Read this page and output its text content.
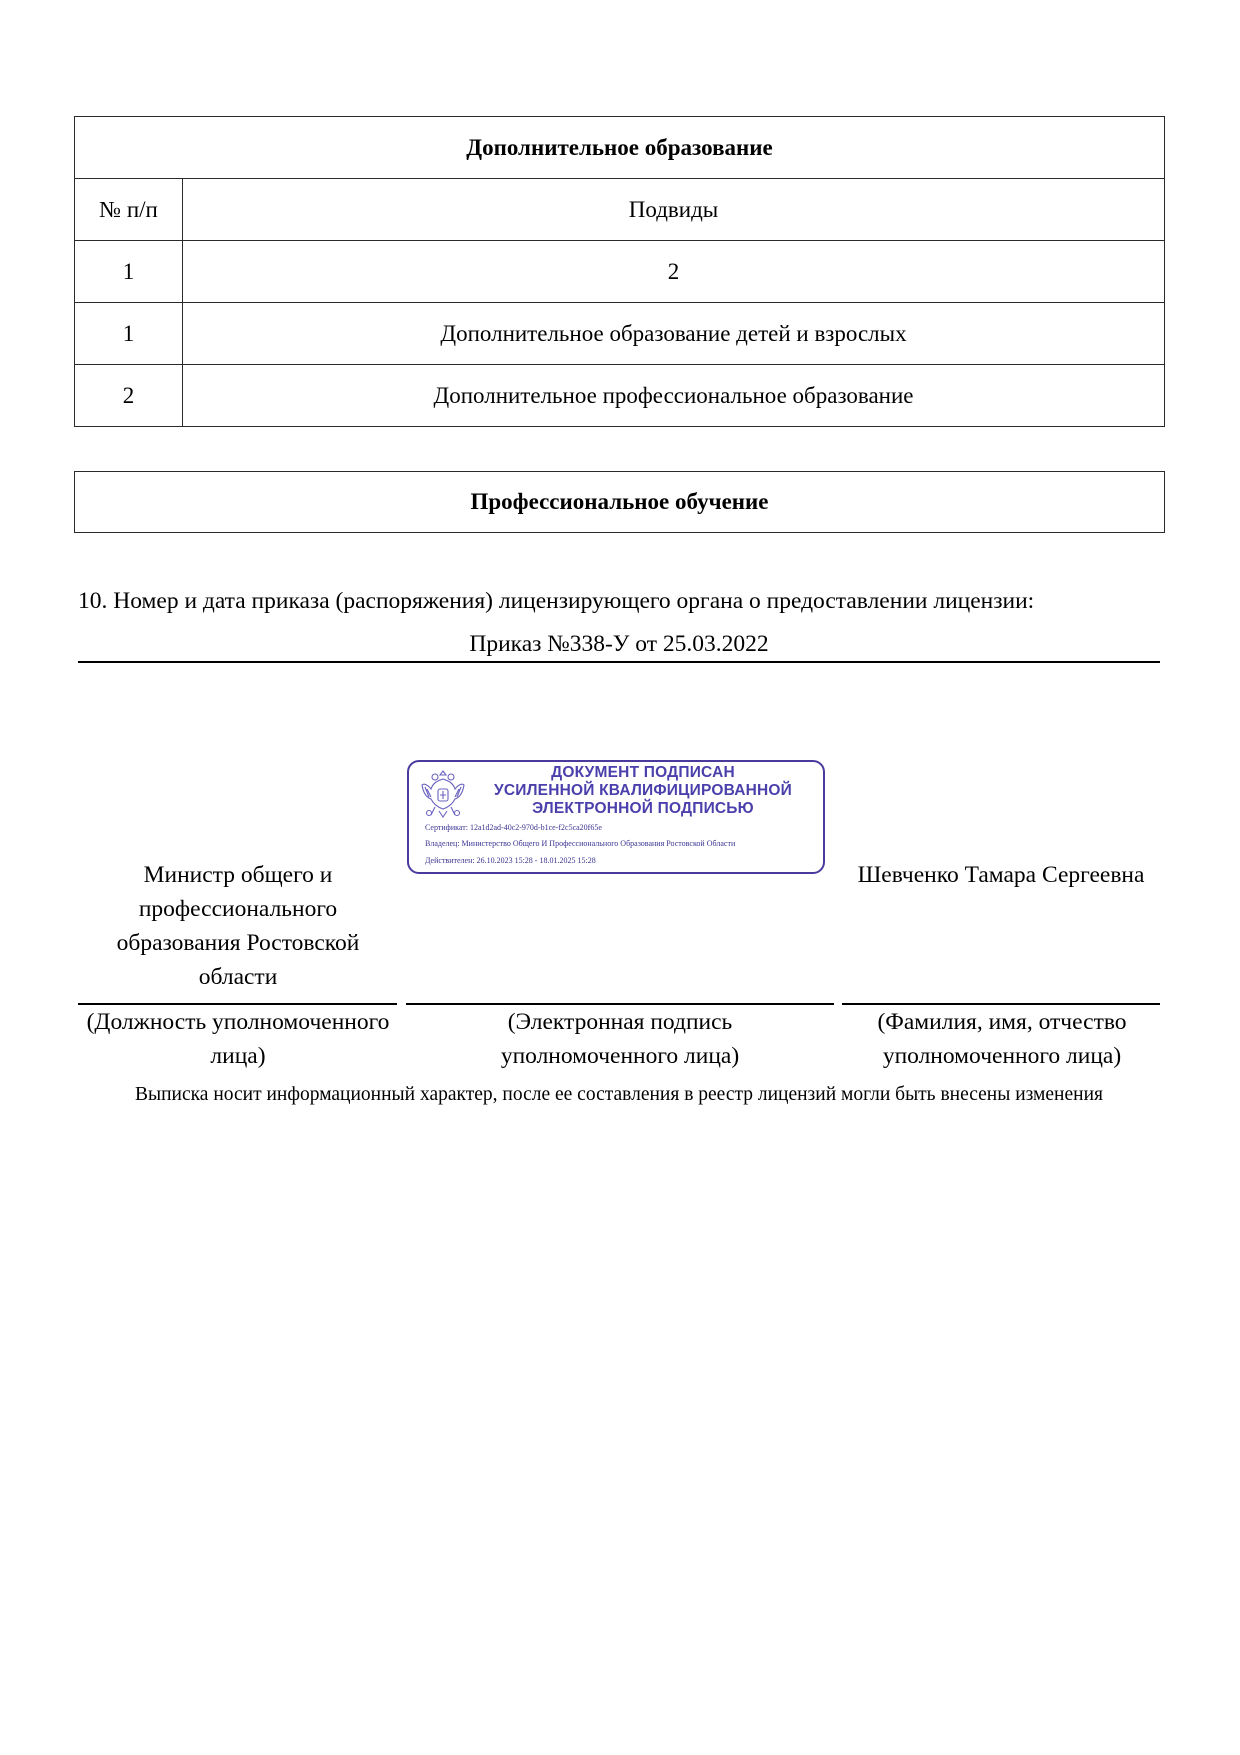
Дополнительное образование	
№ п/п	Подвиды
1	2
1	Дополнительное образование детей и взрослых
2	Дополнительное профессиональное образование
Профессиональное обучение
10. Номер и дата приказа (распоряжения) лицензирующего органа о предоставлении лицензии:
Приказ №338-У от 25.03.2022
ДОКУМЕНТ ПОДПИСАН
УСИЛЕННОЙ КВАЛИФИЦИРОВАННОЙ
ЭЛЕКТРОННОЙ ПОДПИСЬЮ
Сертификат: 12a1d2ad-40c2-970d-b1ce-f2c5ca20f65e
Владелец: Министерство Общего И Профессионального Образования Ростовской Области
Действителен: 26.10.2023 15:28 - 18.01.2025 15:28
Министр общего и профессионального образования Ростовской области
Шевченко Тамара Сергеевна
(Должность уполномоченного лица)
(Электронная подпись уполномоченного лица)
(Фамилия, имя, отчество уполномоченного лица)
Выписка носит информационный характер, после ее составления в реестр лицензий могли быть внесены изменения
